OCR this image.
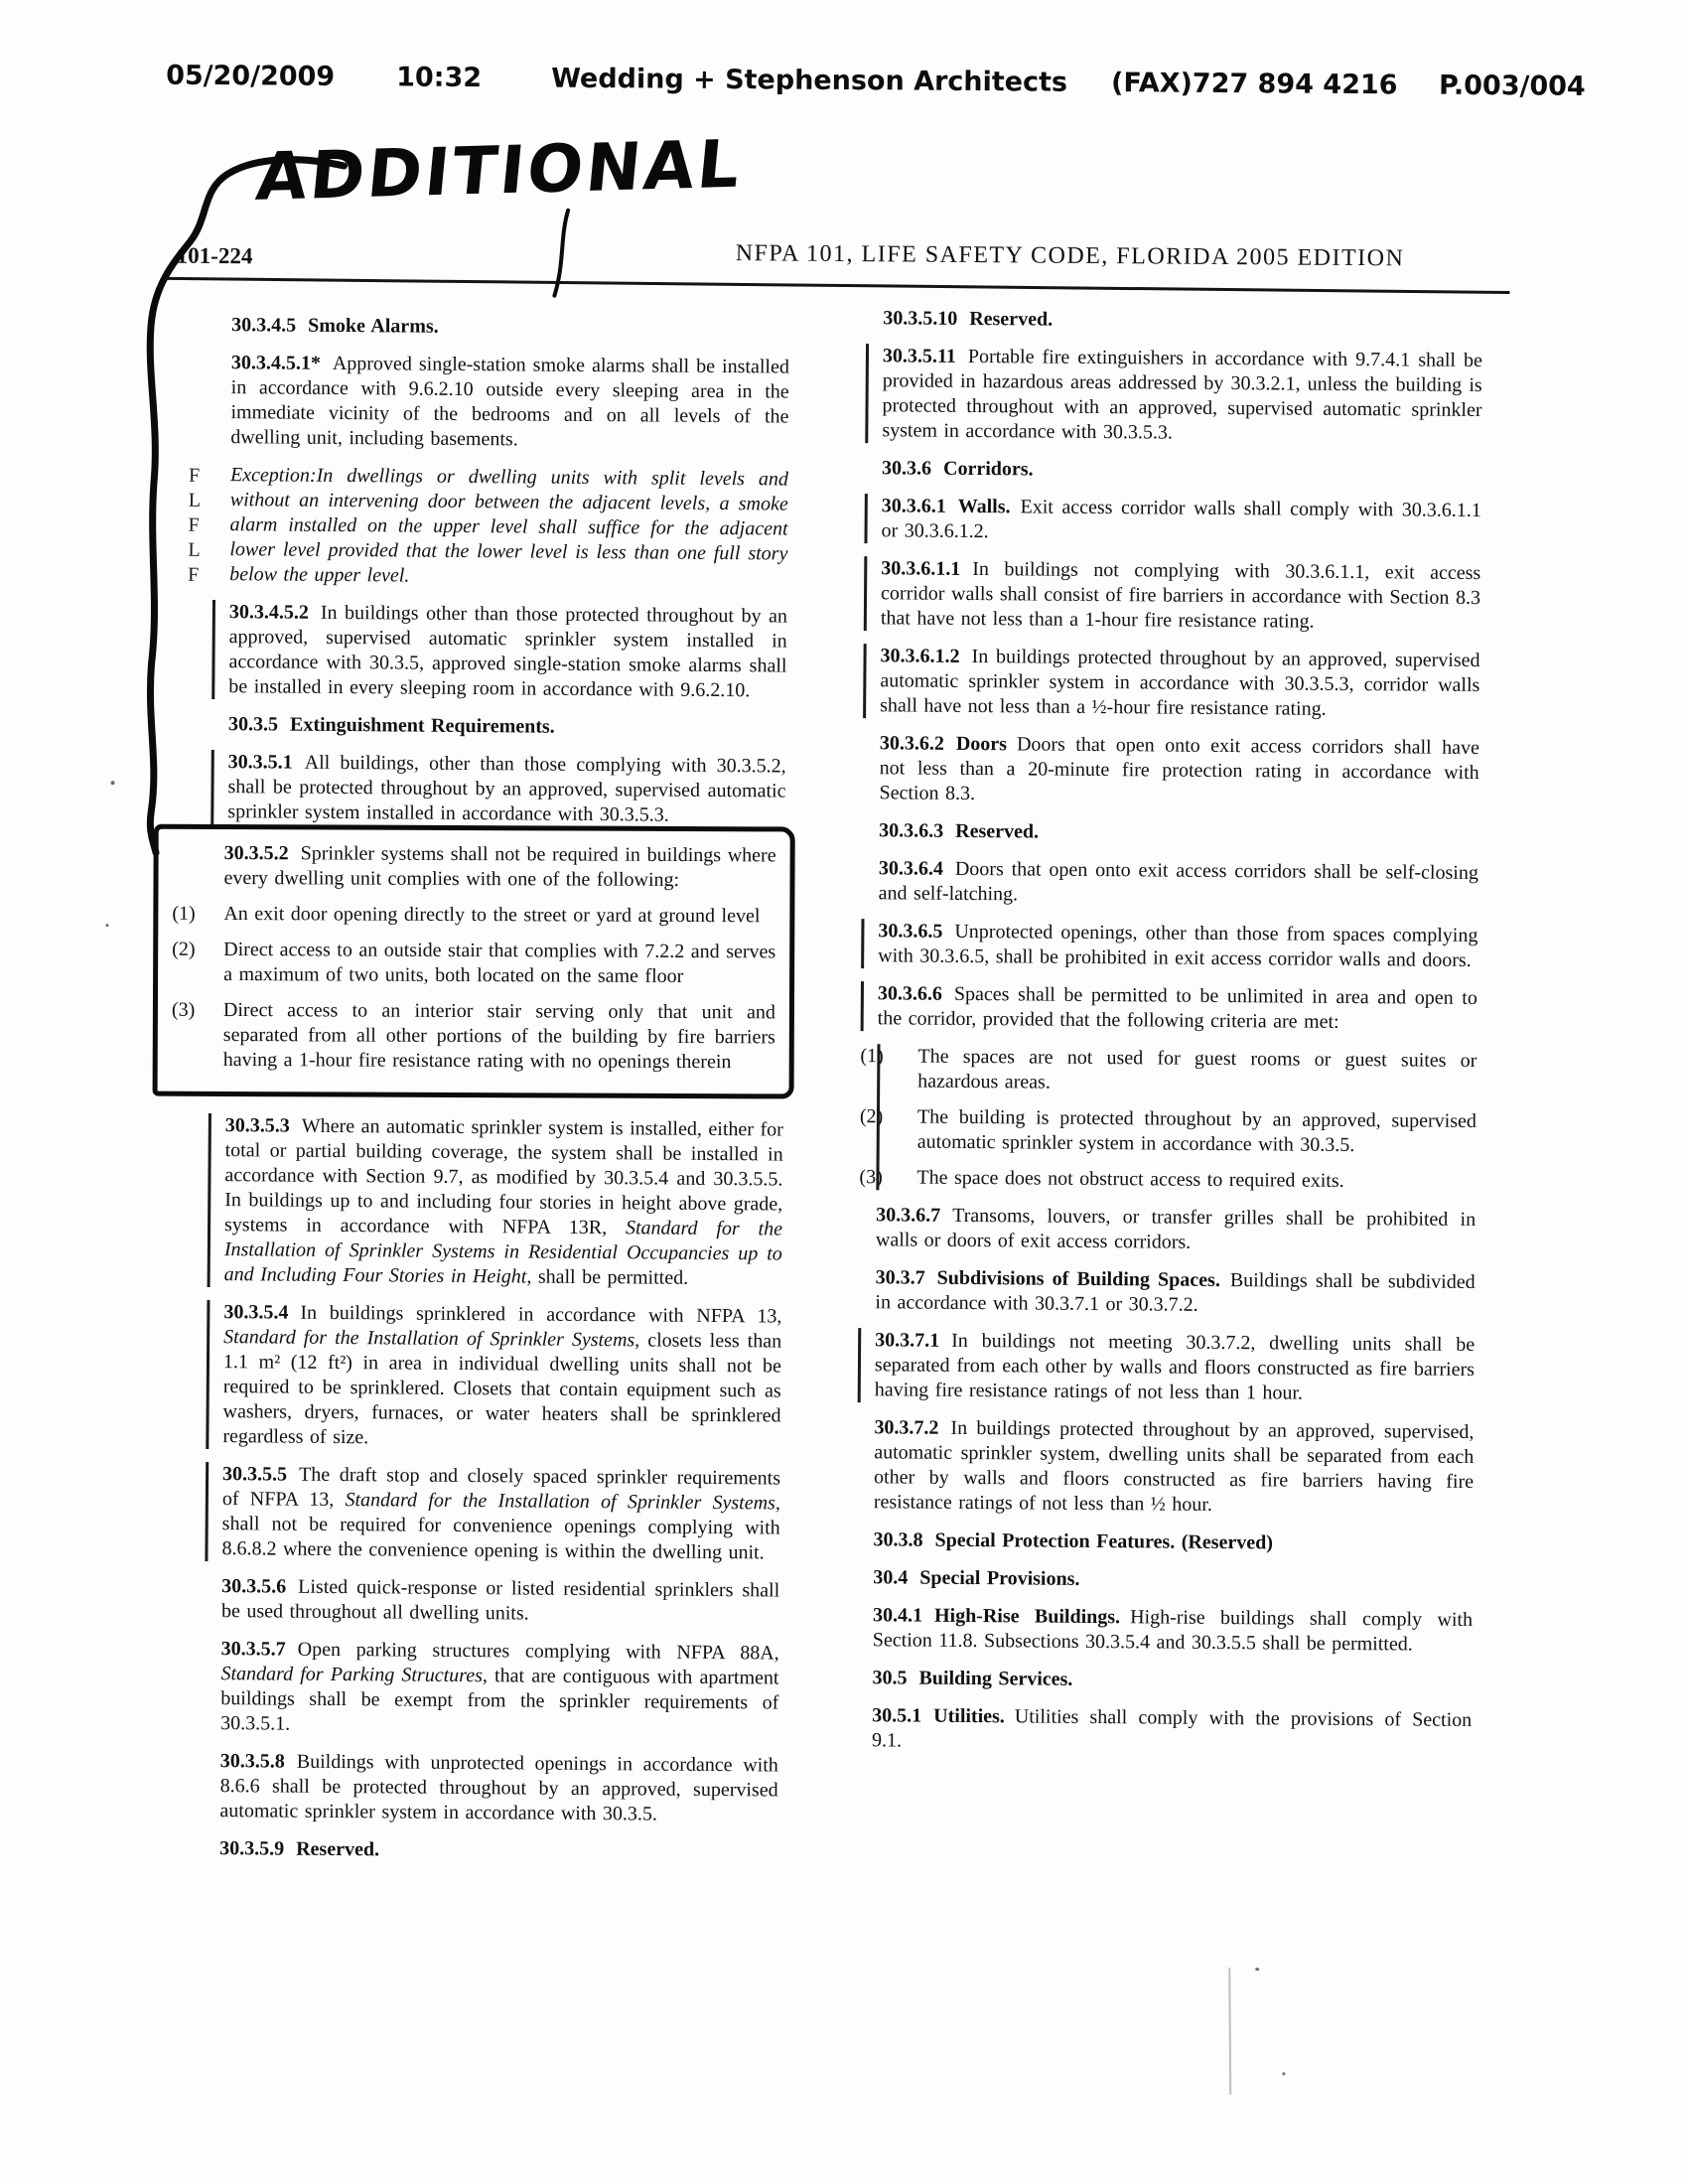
05/20/2009 10:32	Wedding + Stephenson Architects (FAX)727 894 4216 P.003/004
ADDITIONAL
101-224	NFPA 101, LIFE SAFETY CODE, FLORIDA 2005 EDITION

30.3.4.5 Smoke Alarms.

30.3.4.5.1* Approved single-station smoke alarms shall be installed in accordance with 9.6.2.10 outside every sleeping area in the immediate vicinity of the bedrooms and on all levels of the dwelling unit, including basements.

F
L
F
L
F
Exception:In dwellings or dwelling units with split levels and without an intervening door between the adjacent levels, a smoke alarm installed on the upper level shall suffice for the adjacent lower level provided that the lower level is less than one full story below the upper level.

30.3.4.5.2 In buildings other than those protected throughout by an approved, supervised automatic sprinkler system installed in accordance with 30.3.5, approved single-station smoke alarms shall be installed in every sleeping room in accordance with 9.6.2.10.

30.3.5 Extinguishment Requirements.

30.3.5.1 All buildings, other than those complying with 30.3.5.2, shall be protected throughout by an approved, supervised automatic sprinkler system installed in accordance with 30.3.5.3.

30.3.5.2 Sprinkler systems shall not be required in buildings where every dwelling unit complies with one of the following:

(1)	An exit door opening directly to the street or yard at ground level
(2)	Direct access to an outside stair that complies with 7.2.2 and serves a maximum of two units, both located on the same floor
(3)	Direct access to an interior stair serving only that unit and separated from all other portions of the building by fire barriers having a 1-hour fire resistance rating with no openings therein

30.3.5.3 Where an automatic sprinkler system is installed, either for total or partial building coverage, the system shall be installed in accordance with Section 9.7, as modified by 30.3.5.4 and 30.3.5.5. In buildings up to and including four stories in height above grade, systems in accordance with NFPA 13R, Standard for the Installation of Sprinkler Systems in Residential Occupancies up to and Including Four Stories in Height, shall be permitted.

30.3.5.4 In buildings sprinklered in accordance with NFPA 13, Standard for the Installation of Sprinkler Systems, closets less than 1.1 m² (12 ft²) in area in individual dwelling units shall not be required to be sprinklered. Closets that contain equipment such as washers, dryers, furnaces, or water heaters shall be sprinklered regardless of size.

30.3.5.5 The draft stop and closely spaced sprinkler requirements of NFPA 13, Standard for the Installation of Sprinkler Systems, shall not be required for convenience openings complying with 8.6.8.2 where the convenience opening is within the dwelling unit.

30.3.5.6 Listed quick-response or listed residential sprinklers shall be used throughout all dwelling units.

30.3.5.7 Open parking structures complying with NFPA 88A, Standard for Parking Structures, that are contiguous with apartment buildings shall be exempt from the sprinkler requirements of 30.3.5.1.

30.3.5.8 Buildings with unprotected openings in accordance with 8.6.6 shall be protected throughout by an approved, supervised automatic sprinkler system in accordance with 30.3.5.

30.3.5.9 Reserved.

30.3.5.10 Reserved.

30.3.5.11 Portable fire extinguishers in accordance with 9.7.4.1 shall be provided in hazardous areas addressed by 30.3.2.1, unless the building is protected throughout with an approved, supervised automatic sprinkler system in accordance with 30.3.5.3.

30.3.6 Corridors.

30.3.6.1 Walls. Exit access corridor walls shall comply with 30.3.6.1.1 or 30.3.6.1.2.

30.3.6.1.1 In buildings not complying with 30.3.6.1.1, exit access corridor walls shall consist of fire barriers in accordance with Section 8.3 that have not less than a 1-hour fire resistance rating.

30.3.6.1.2 In buildings protected throughout by an approved, supervised automatic sprinkler system in accordance with 30.3.5.3, corridor walls shall have not less than a ½-hour fire resistance rating.

30.3.6.2 Doors Doors that open onto exit access corridors shall have not less than a 20-minute fire protection rating in accordance with Section 8.3.

30.3.6.3 Reserved.

30.3.6.4 Doors that open onto exit access corridors shall be self-closing and self-latching.

30.3.6.5 Unprotected openings, other than those from spaces complying with 30.3.6.5, shall be prohibited in exit access corridor walls and doors.

30.3.6.6 Spaces shall be permitted to be unlimited in area and open to the corridor, provided that the following criteria are met:

(1)	The spaces are not used for guest rooms or guest suites or hazardous areas.
(2)	The building is protected throughout by an approved, supervised automatic sprinkler system in accordance with 30.3.5.
(3)	The space does not obstruct access to required exits.

30.3.6.7 Transoms, louvers, or transfer grilles shall be prohibited in walls or doors of exit access corridors.

30.3.7 Subdivisions of Building Spaces. Buildings shall be subdivided in accordance with 30.3.7.1 or 30.3.7.2.

30.3.7.1 In buildings not meeting 30.3.7.2, dwelling units shall be separated from each other by walls and floors constructed as fire barriers having fire resistance ratings of not less than 1 hour.

30.3.7.2 In buildings protected throughout by an approved, supervised, automatic sprinkler system, dwelling units shall be separated from each other by walls and floors constructed as fire barriers having fire resistance ratings of not less than ½ hour.

30.3.8 Special Protection Features. (Reserved)

30.4 Special Provisions.

30.4.1 High-Rise Buildings. High-rise buildings shall comply with Section 11.8. Subsections 30.3.5.4 and 30.3.5.5 shall be permitted.

30.5 Building Services.

30.5.1 Utilities. Utilities shall comply with the provisions of Section 9.1.
